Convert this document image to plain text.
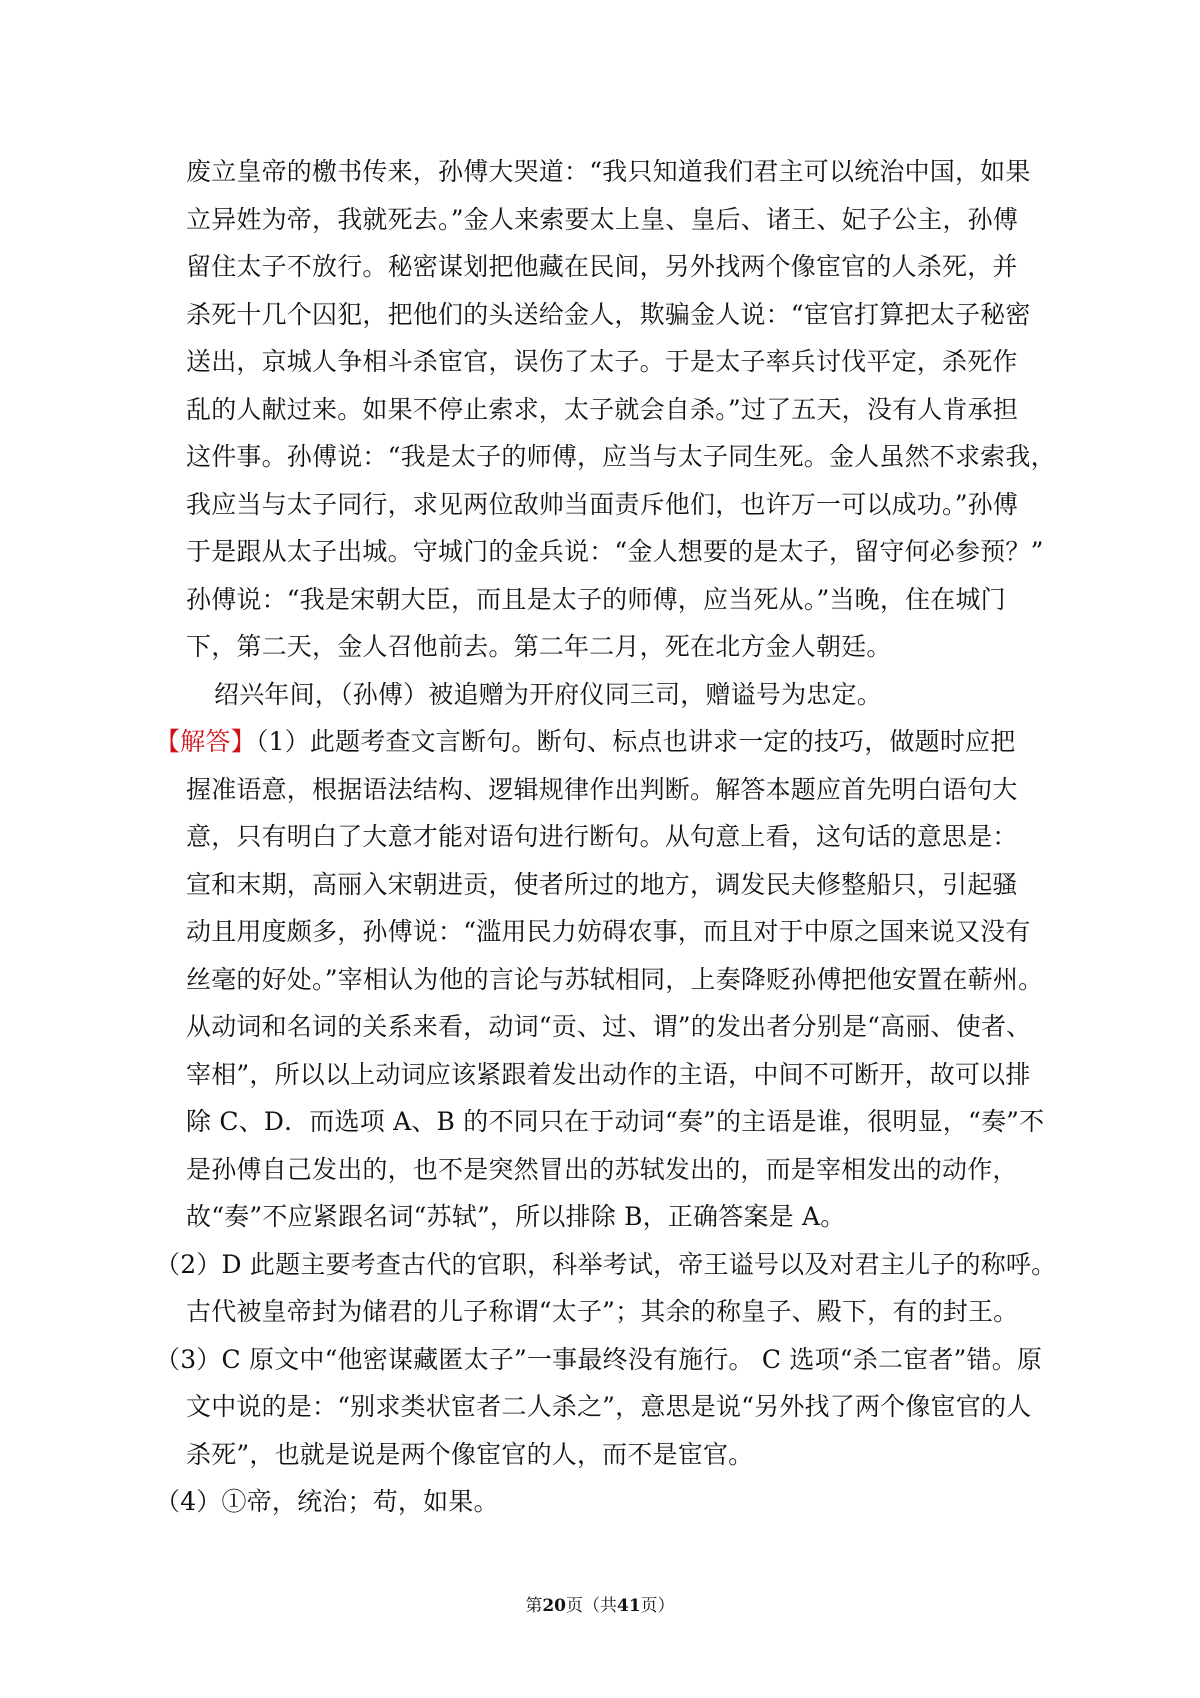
废立皇帝的檄书传来，孙傅大哭道：“我只知道我们君主可以统治中国，如果
立异姓为帝，我就死去。”金人来索要太上皇、皇后、诸王、妃子公主，孙傅
留住太子不放行。秘密谋划把他藏在民间，另外找两个像宦官的人杀死，并
杀死十几个囚犯，把他们的头送给金人，欺骗金人说：“宦官打算把太子秘密
送出，京城人争相斗杀宦官，误伤了太子。于是太子率兵讨伐平定，杀死作
乱的人献过来。如果不停止索求，太子就会自杀。”过了五天，没有人肯承担
这件事。孙傅说：“我是太子的师傅，应当与太子同生死。金人虽然不求索我，
我应当与太子同行，求见两位敌帅当面责斥他们，也许万一可以成功。”孙傅
于是跟从太子出城。守城门的金兵说：“金人想要的是太子，留守何必参预？”
孙傅说：“我是宋朝大臣，而且是太子的师傅，应当死从。”当晚，住在城门
下，第二天，金人召他前去。第二年二月，死在北方金人朝廷。
绍兴年间，（孙傅）被追赠为开府仪同三司，赠谥号为忠定。
【解答】（1）此题考查文言断句。断句、标点也讲求一定的技巧，做题时应把
握准语意，根据语法结构、逻辑规律作出判断。解答本题应首先明白语句大
意，只有明白了大意才能对语句进行断句。从句意上看，这句话的意思是：
宣和末期，高丽入宋朝进贡，使者所过的地方，调发民夫修整船只，引起骚
动且用度颇多，孙傅说：“滥用民力妨碍农事，而且对于中原之国来说又没有
丝毫的好处。”宰相认为他的言论与苏轼相同，上奏降贬孙傅把他安置在蕲州。
从动词和名词的关系来看，动词“贡、过、谓”的发出者分别是“高丽、使者、
宰相”，所以以上动词应该紧跟着发出动作的主语，中间不可断开，故可以排
除 C、D．而选项 A、B 的不同只在于动词“奏”的主语是谁，很明显，“奏”不
是孙傅自己发出的，也不是突然冒出的苏轼发出的，而是宰相发出的动作，
故“奏”不应紧跟名词“苏轼”，所以排除 B，正确答案是 A。
（2）D 此题主要考查古代的官职，科举考试，帝王谥号以及对君主儿子的称呼。
古代被皇帝封为储君的儿子称谓“太子”；其余的称皇子、殿下，有的封王。
（3）C 原文中“他密谋藏匿太子”一事最终没有施行。 C 选项“杀二宦者”错。原
文中说的是：“别求类状宦者二人杀之”，意思是说“另外找了两个像宦官的人
杀死”，也就是说是两个像宦官的人，而不是宦官。
（4）①帝，统治；苟，如果。
第20页（共41页）
